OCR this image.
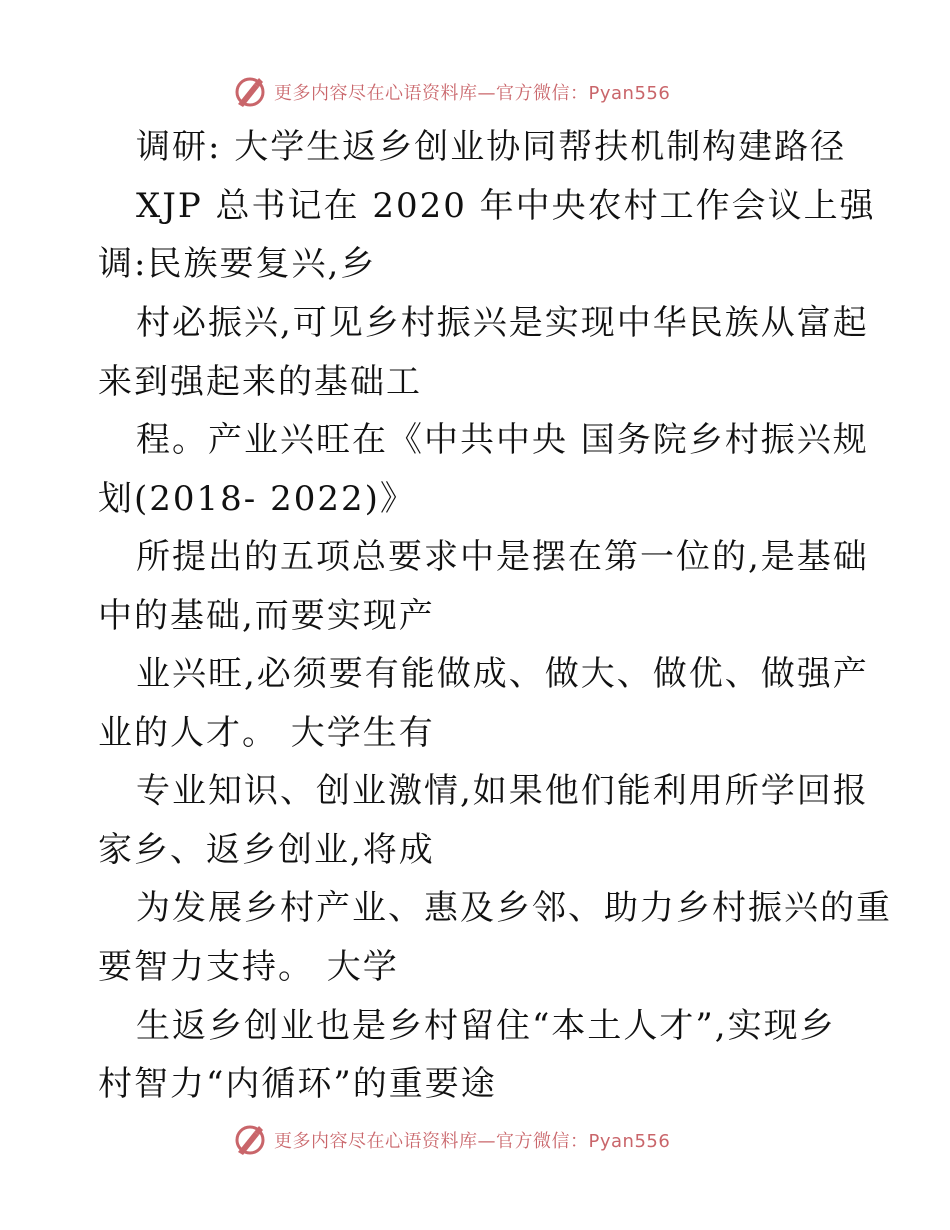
更多内容尽在心语资料库—官方微信：Pyan556
调研: 大学生返乡创业协同帮扶机制构建路径
XJP 总书记在 2020 年中央农村工作会议上强
调:民族要复兴,乡
村必振兴,可见乡村振兴是实现中华民族从富起
来到强起来的基础工
程。产业兴旺在《中共中央 国务院乡村振兴规
划(2018- 2022)》
所提出的五项总要求中是摆在第一位的,是基础
中的基础,而要实现产
业兴旺,必须要有能做成、做大、做优、做强产
业的人才。 大学生有
专业知识、创业激情,如果他们能利用所学回报
家乡、返乡创业,将成
为发展乡村产业、惠及乡邻、助力乡村振兴的重
要智力支持。 大学
生返乡创业也是乡村留住“本土人才”,实现乡
村智力“内循环”的重要途
更多内容尽在心语资料库—官方微信：Pyan556
